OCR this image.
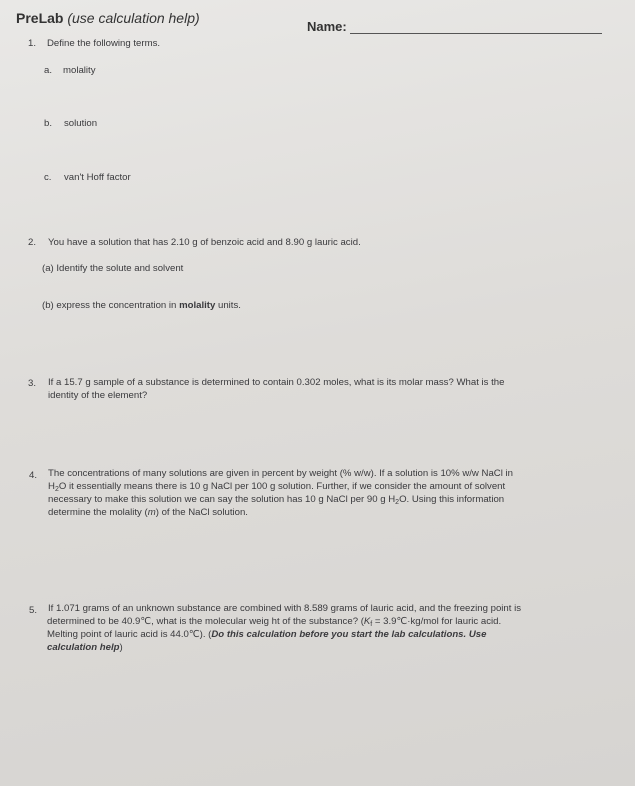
PreLab (use calculation help)
Name:
1. Define the following terms.
a. molality
b. solution
c. van't Hoff factor
2. You have a solution that has 2.10 g of benzoic acid and 8.90 g lauric acid.
(a) Identify the solute and solvent
(b) express the concentration in molality units.
3. If a 15.7 g sample of a substance is determined to contain 0.302 moles, what is its molar mass? What is the
identity of the element?
4. The concentrations of many solutions are given in percent by weight (% w/w). If a solution is 10% w/w NaCl in
$H_2O$ it essentially means there is 10 g NaCl per 100 g solution. Further, if we consider the amount of solvent
necessary to make this solution we can say the solution has 10 g NaCl per 90 g $H_2O$. Using this information
determine the molality (m) of the NaCl solution.
5. If 1.071 grams of an unknown substance are combined with 8.589 grams of lauric acid, and the freezing point is
determined to be 40.9℃, what is the molecular weig ht of the substance? ($K_f$ = 3.9℃·kg/mol for lauric acid.
Melting point of lauric acid is 44.0℃). (Do this calculation before you start the lab calculations. Use
calculation help)
